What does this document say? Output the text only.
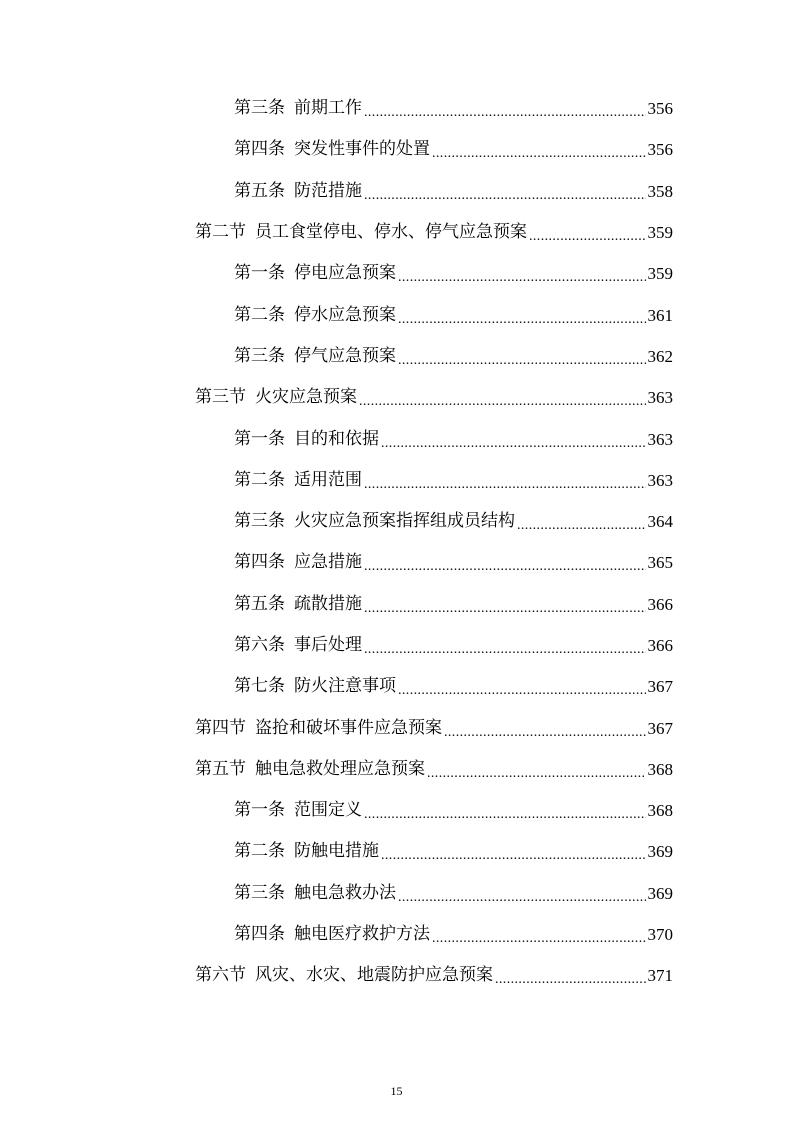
第三条 前期工作 .....	356
第四条 突发性事件的处置 .....	356
第五条 防范措施 .....	358
第二节 员工食堂停电、停水、停气应急预案 .....	359
第一条 停电应急预案 .....	359
第二条 停水应急预案 .....	361
第三条 停气应急预案 .....	362
第三节 火灾应急预案 .....	363
第一条 目的和依据 .....	363
第二条 适用范围 .....	363
第三条 火灾应急预案指挥组成员结构 .....	364
第四条 应急措施 .....	365
第五条 疏散措施 .....	366
第六条 事后处理 .....	366
第七条 防火注意事项 .....	367
第四节 盗抢和破坏事件应急预案 .....	367
第五节 触电急救处理应急预案 .....	368
第一条 范围定义 .....	368
第二条 防触电措施 .....	369
第三条 触电急救办法 .....	369
第四条 触电医疗救护方法 .....	370
第六节 风灾、水灾、地震防护应急预案 .....	371
15
